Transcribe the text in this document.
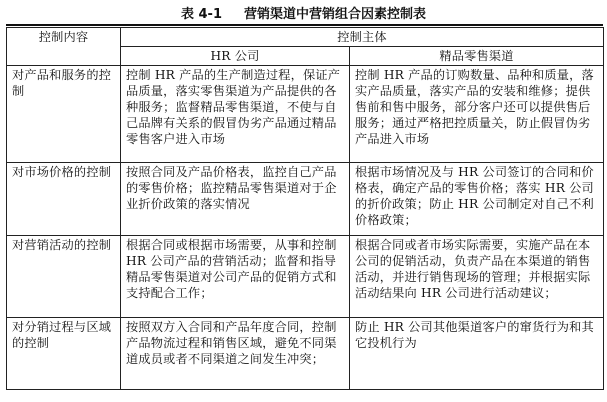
表 4-1 营销渠道中营销组合因素控制表
控制内容	控制主体	
	HR 公司	精品零售渠道
对产品和服务的控制	控制 HR 产品的生产制造过程，保证产品质量，落实零售渠道为产品提供的各种服务；监督精品零售渠道，不使与自己品牌有关系的假冒伪劣产品通过精品零售客户进入市场	控制 HR 产品的订购数量、品种和质量，落实产品质量，落实产品的安装和维修；提供售前和售中服务，部分客户还可以提供售后服务；通过严格把控质量关，防止假冒伪劣产品进入市场
对市场价格的控制	按照合同及产品价格表，监控自己产品的零售价格；监控精品零售渠道对于企业折价政策的落实情况	根据市场情况及与 HR 公司签订的合同和价格表，确定产品的零售价格；落实 HR 公司的折价政策；防止 HR 公司制定对自己不利价格政策；
对营销活动的控制	根据合同或根据市场需要，从事和控制 HR 公司产品的营销活动；监督和指导精品零售渠道对公司产品的促销方式和支持配合工作；	根据合同或者市场实际需要，实施产品在本公司的促销活动，负责产品在本渠道的销售活动，并进行销售现场的管理；并根据实际活动结果向 HR 公司进行活动建议；
对分销过程与区域的控制	按照双方入合同和产品年度合同，控制产品物流过程和销售区域，避免不同渠道成员或者不同渠道之间发生冲突；	防止 HR 公司其他渠道客户的窜货行为和其它投机行为
